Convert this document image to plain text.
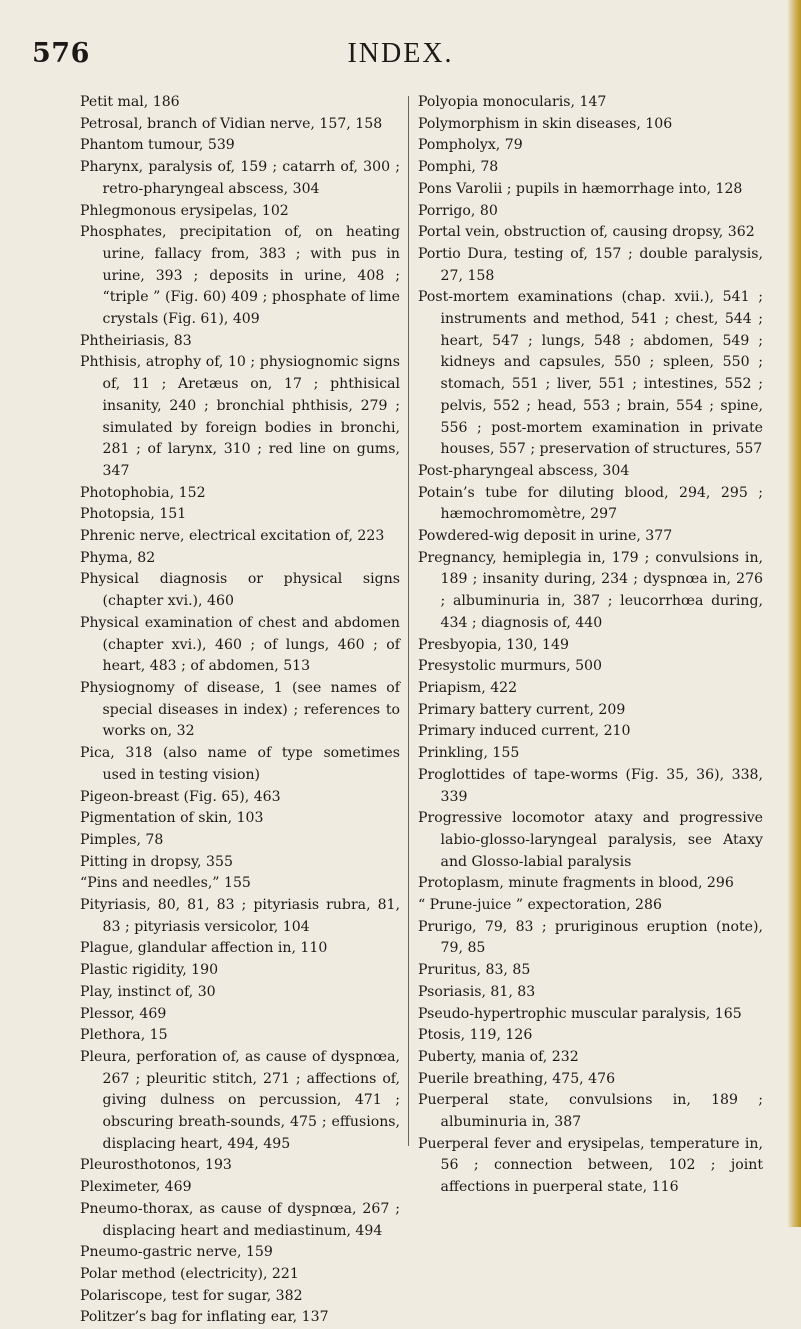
576	INDEX.
Petit mal, 186
Petrosal, branch of Vidian nerve, 157, 158
Phantom tumour, 539
Pharynx, paralysis of, 159 ; catarrh of, 300 ; retro-pharyngeal abscess, 304
Phlegmonous erysipelas, 102
Phosphates, precipitation of, on heating urine, fallacy from, 383 ; with pus in urine, 393 ; deposits in urine, 408 ; “triple ” (Fig. 60) 409 ; phosphate of lime crystals (Fig. 61), 409
Phtheiriasis, 83
Phthisis, atrophy of, 10 ; physiognomic signs of, 11 ; Aretæus on, 17 ; phthisical insanity, 240 ; bronchial phthisis, 279 ; simulated by foreign bodies in bronchi, 281 ; of larynx, 310 ; red line on gums, 347
Photophobia, 152
Photopsia, 151
Phrenic nerve, electrical excitation of, 223
Phyma, 82
Physical diagnosis or physical signs (chapter xvi.), 460
Physical examination of chest and abdomen (chapter xvi.), 460 ; of lungs, 460 ; of heart, 483 ; of abdomen, 513
Physiognomy of disease, 1 (see names of special diseases in index) ; references to works on, 32
Pica, 318 (also name of type sometimes used in testing vision)
Pigeon-breast (Fig. 65), 463
Pigmentation of skin, 103
Pimples, 78
Pitting in dropsy, 355
“Pins and needles,” 155
Pityriasis, 80, 81, 83 ; pityriasis rubra, 81, 83 ; pityriasis versicolor, 104
Plague, glandular affection in, 110
Plastic rigidity, 190
Play, instinct of, 30
Plessor, 469
Plethora, 15
Pleura, perforation of, as cause of dyspnœa, 267 ; pleuritic stitch, 271 ; affections of, giving dulness on percussion, 471 ; obscuring breath-sounds, 475 ; effusions, displacing heart, 494, 495
Pleurosthotonos, 193
Pleximeter, 469
Pneumo-thorax, as cause of dyspnœa, 267 ; displacing heart and mediastinum, 494
Pneumo-gastric nerve, 159
Polar method (electricity), 221
Polariscope, test for sugar, 382
Politzer’s bag for inflating ear, 137
Polyopia monocularis, 147
Polymorphism in skin diseases, 106
Pompholyx, 79
Pomphi, 78
Pons Varolii ; pupils in hæmorrhage into, 128
Porrigo, 80
Portal vein, obstruction of, causing dropsy, 362
Portio Dura, testing of, 157 ; double paralysis, 27, 158
Post-mortem examinations (chap. xvii.), 541 ; instruments and method, 541 ; chest, 544 ; heart, 547 ; lungs, 548 ; abdomen, 549 ; kidneys and capsules, 550 ; spleen, 550 ; stomach, 551 ; liver, 551 ; intestines, 552 ; pelvis, 552 ; head, 553 ; brain, 554 ; spine, 556 ; post-mortem examination in private houses, 557 ; preservation of structures, 557
Post-pharyngeal abscess, 304
Potain’s tube for diluting blood, 294, 295 ; hæmochromomètre, 297
Powdered-wig deposit in urine, 377
Pregnancy, hemiplegia in, 179 ; convulsions in, 189 ; insanity during, 234 ; dyspnœa in, 276 ; albuminuria in, 387 ; leucorrhœa during, 434 ; diagnosis of, 440
Presbyopia, 130, 149
Presystolic murmurs, 500
Priapism, 422
Primary battery current, 209
Primary induced current, 210
Prinkling, 155
Proglottides of tape-worms (Fig. 35, 36), 338, 339
Progressive locomotor ataxy and progressive labio-glosso-laryngeal paralysis, see Ataxy and Glosso-labial paralysis
Protoplasm, minute fragments in blood, 296
“ Prune-juice ” expectoration, 286
Prurigo, 79, 83 ; pruriginous eruption (note), 79, 85
Pruritus, 83, 85
Psoriasis, 81, 83
Pseudo-hypertrophic muscular paralysis, 165
Ptosis, 119, 126
Puberty, mania of, 232
Puerile breathing, 475, 476
Puerperal state, convulsions in, 189 ; albuminuria in, 387
Puerperal fever and erysipelas, temperature in, 56 ; connection between, 102 ; joint affections in puerperal state, 116
